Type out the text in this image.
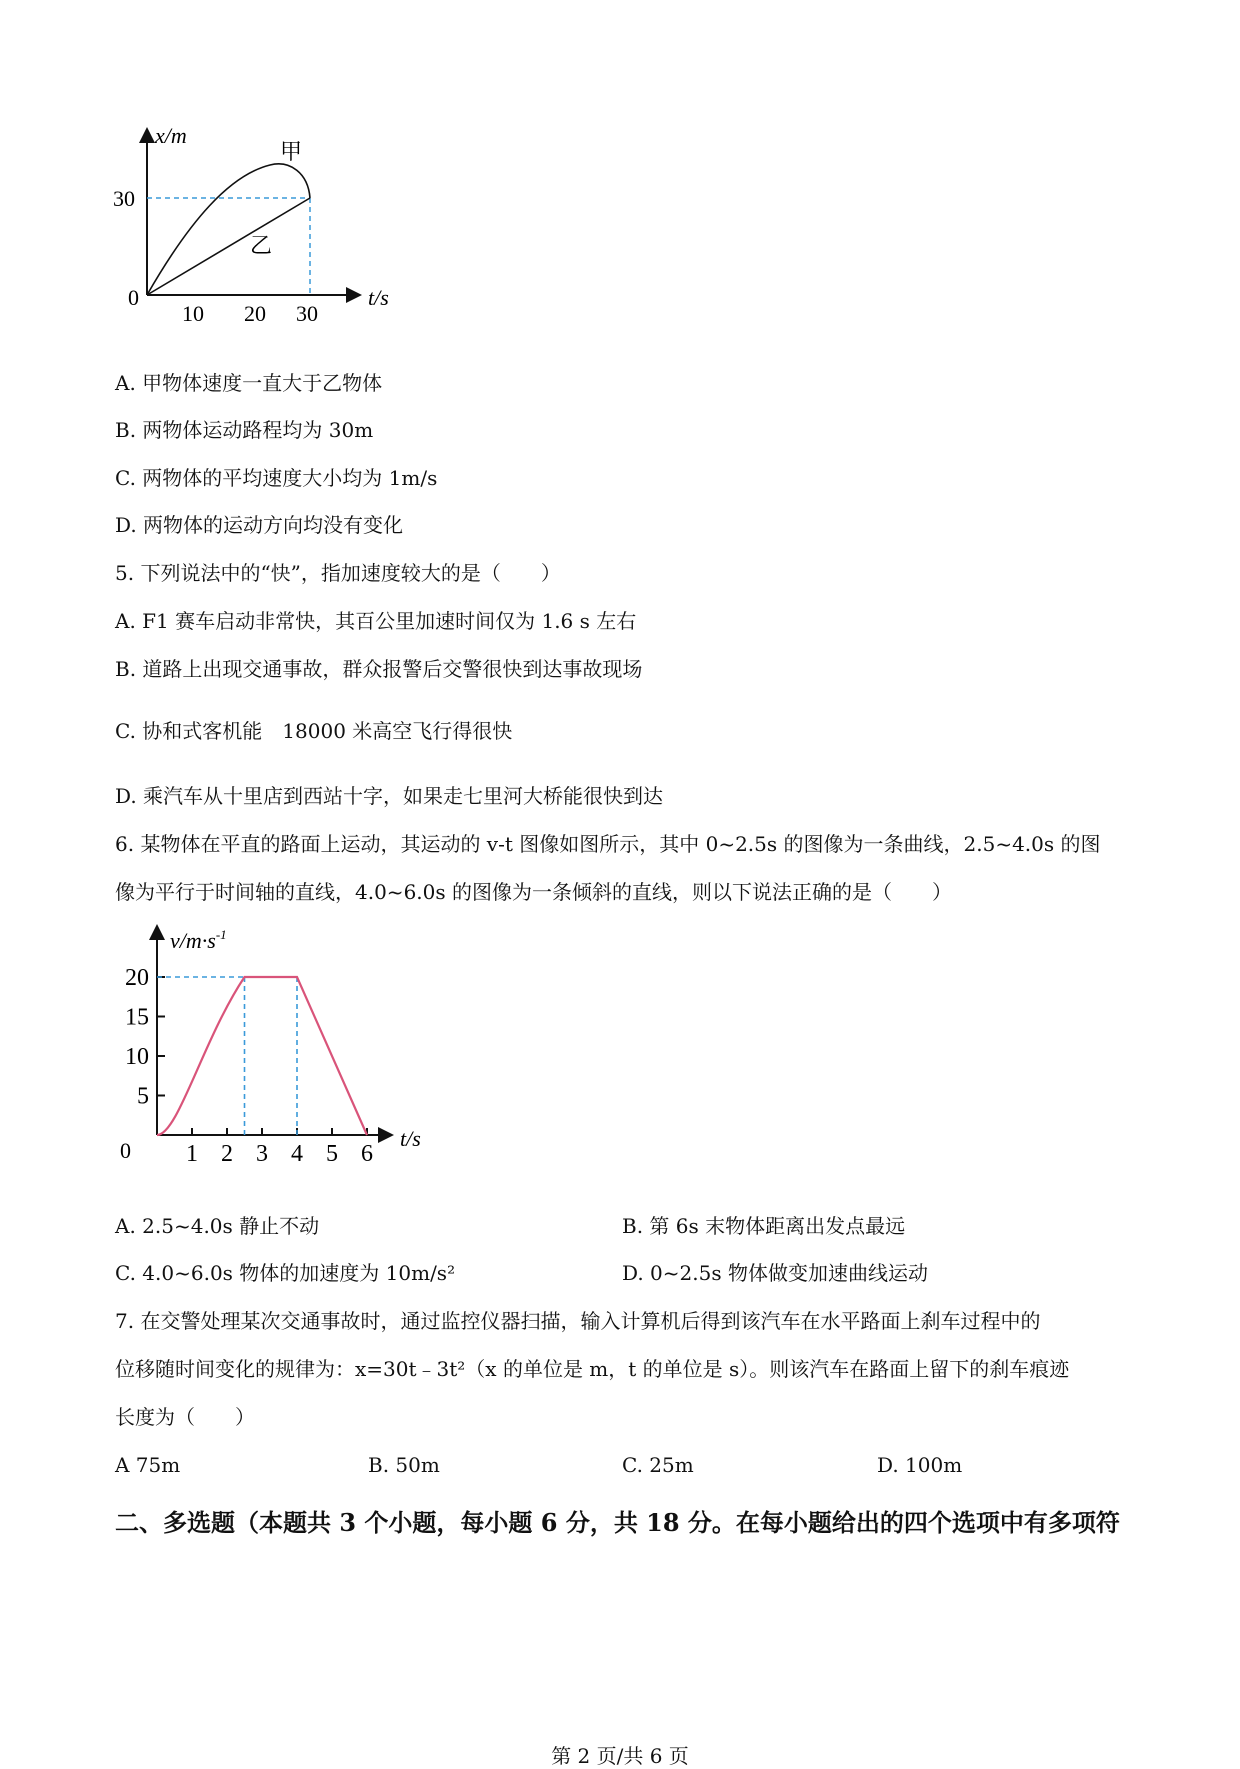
x/m
t/s
0
30
10 20 30
甲
乙
A. 甲物体速度一直大于乙物体
B. 两物体运动路程均为 30m
C. 两物体的平均速度大小均为 1m/s
D. 两物体的运动方向均没有变化
5. 下列说法中的“快”，指加速度较大的是（　　）
A. F1 赛车启动非常快，其百公里加速时间仅为 1.6 s 左右
B. 道路上出现交通事故，群众报警后交警很快到达事故现场
C. 协和式客机能　18000 米高空飞行得很快
D. 乘汽车从十里店到西站十字，如果走七里河大桥能很快到达
6. 某物体在平直的路面上运动，其运动的 v-t 图像如图所示，其中 0~2.5s 的图像为一条曲线，2.5~4.0s 的图
像为平行于时间轴的直线，4.0~6.0s 的图像为一条倾斜的直线，则以下说法正确的是（　　）
5
10
15
20
1 2 3 4 5 6
$v/m\cdot s^{-1}$
t/s
0
A. 2.5~4.0s 静止不动	B. 第 6s 末物体距离出发点最远
C. 4.0~6.0s 物体的加速度为 10m/s²	D. 0~2.5s 物体做变加速曲线运动
7. 在交警处理某次交通事故时，通过监控仪器扫描，输入计算机后得到该汽车在水平路面上刹车过程中的
位移随时间变化的规律为：x=30t﹣3t²（x 的单位是 m，t 的单位是 s）。则该汽车在路面上留下的刹车痕迹
长度为（　　）
A 75m	B. 50m	C. 25m	D. 100m
二、多选题（本题共 3 个小题，每小题 6 分，共 18 分。在每小题给出的四个选项中有多项符
第 2 页/共 6 页
